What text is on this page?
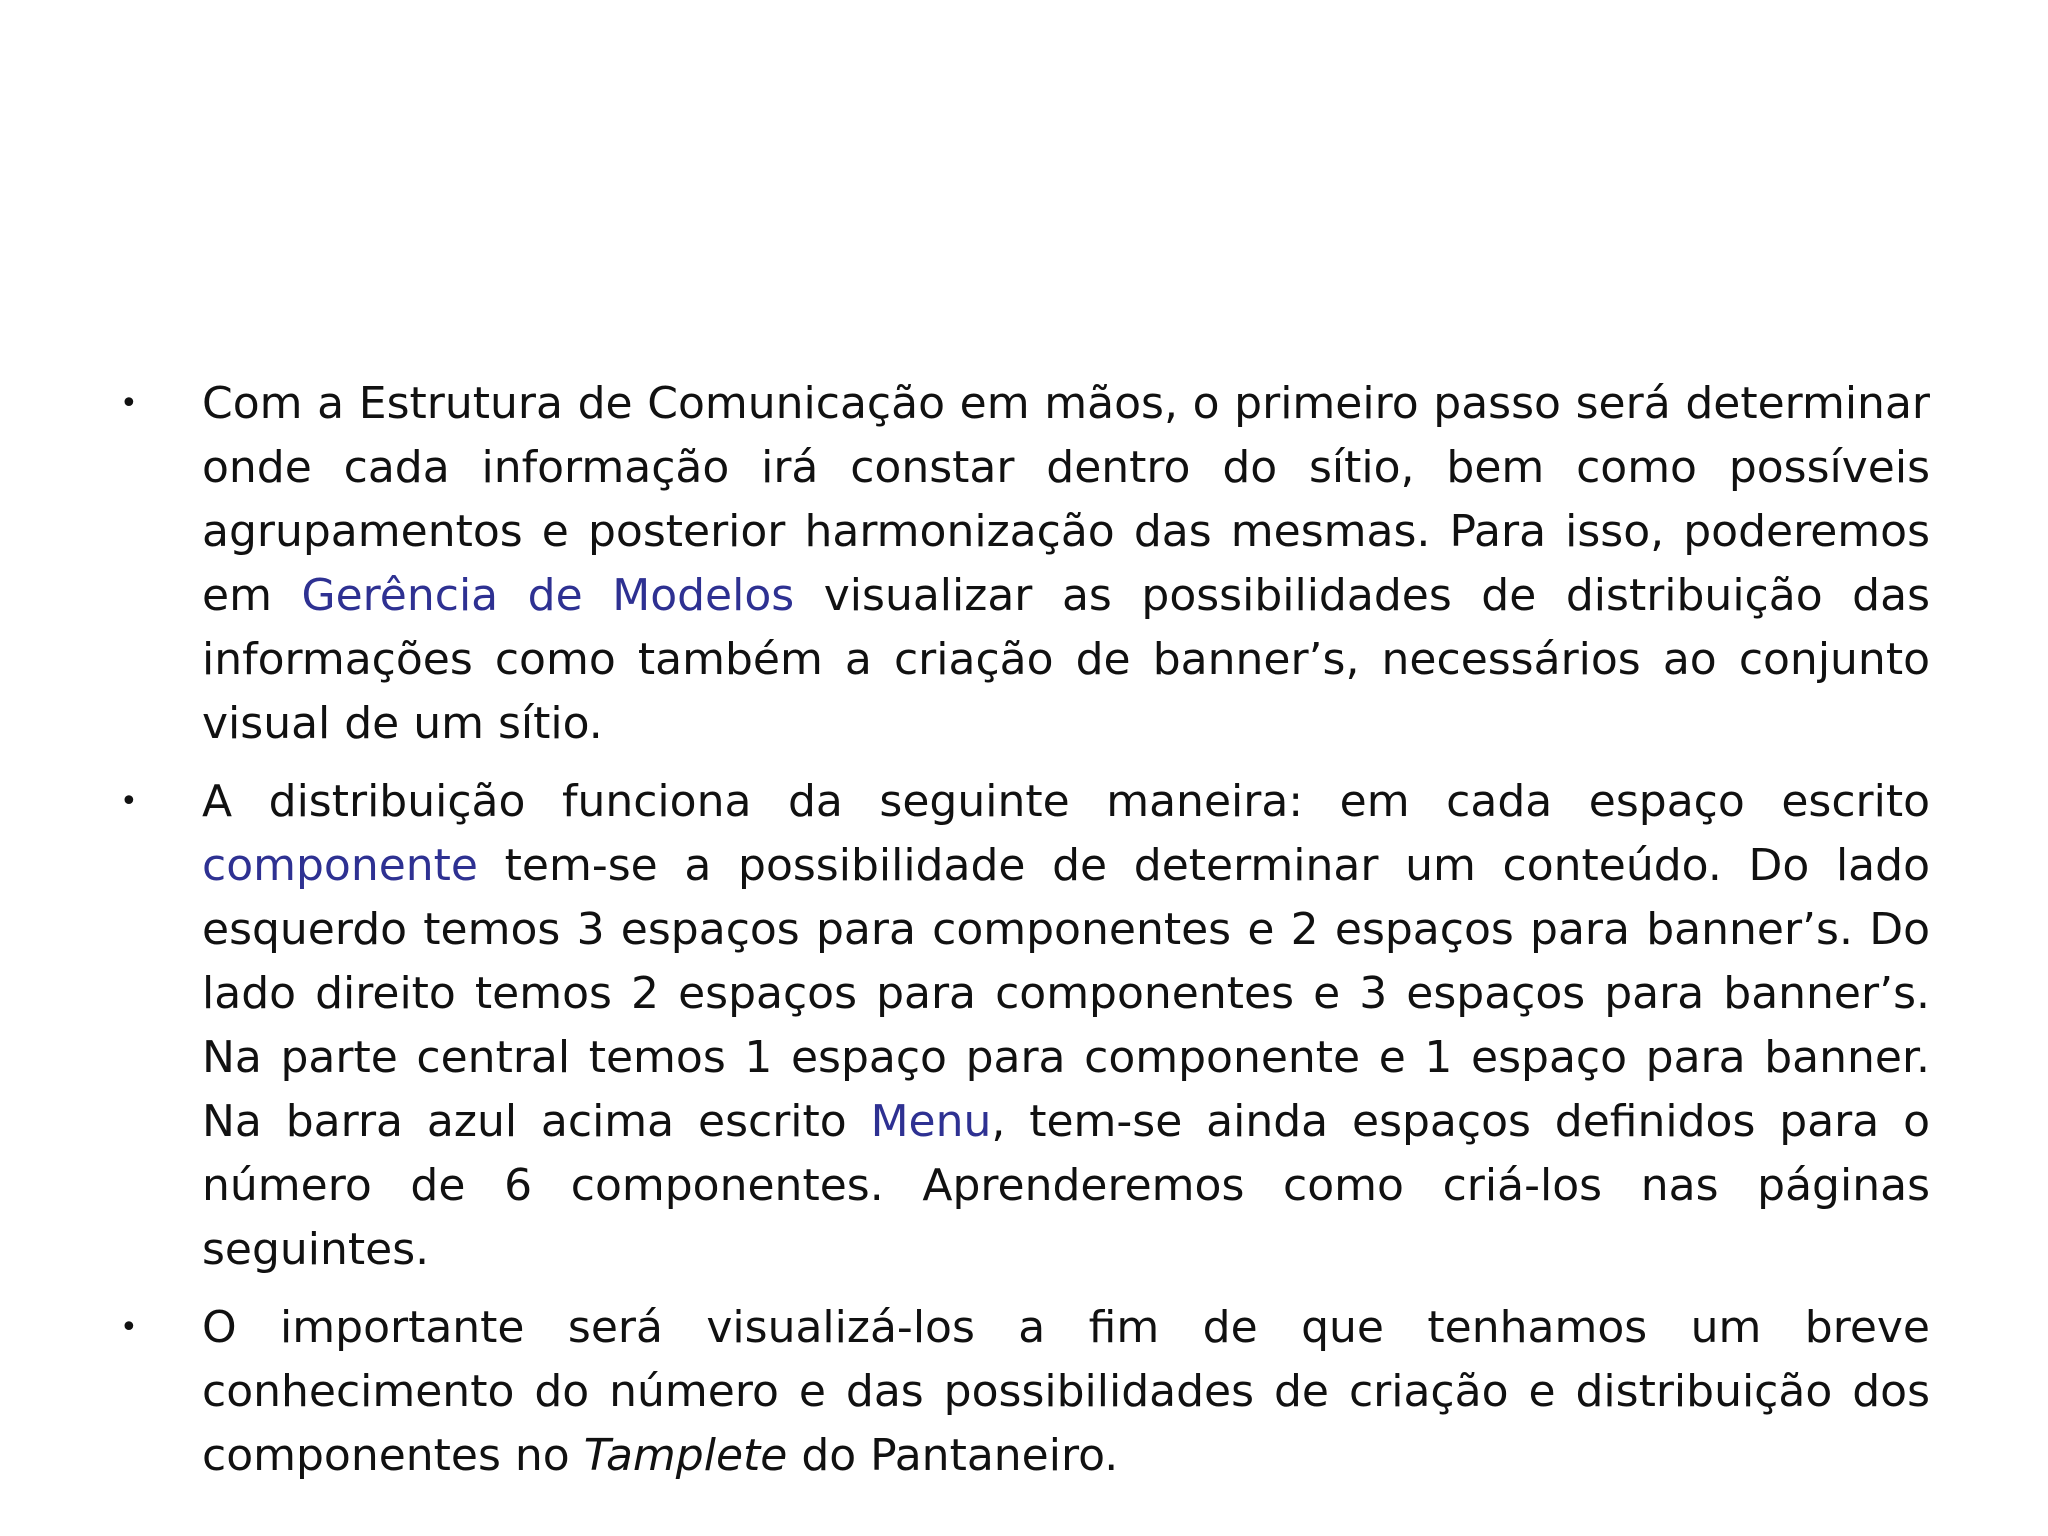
• Com a Estrutura de Comunicação em mãos, o primeiro passo será determinar onde cada informação irá constar dentro do sítio, bem como possíveis agrupamentos e posterior harmonização das mesmas. Para isso, poderemos em Gerência de Modelos visualizar as possibilidades de distribuição das informações como também a criação de banner’s, necessários ao conjunto visual de um sítio.

• A distribuição funciona da seguinte maneira: em cada espaço escrito componente tem-se a possibilidade de determinar um conteúdo. Do lado esquerdo temos 3 espaços para componentes e 2 espaços para banner’s. Do lado direito temos 2 espaços para componentes e 3 espaços para banner’s. Na parte central temos 1 espaço para componente e 1 espaço para banner. Na barra azul acima escrito Menu, tem-se ainda espaços definidos para o número de 6 componentes. Aprenderemos como criá-los nas páginas seguintes.

• O importante será visualizá-los a fim de que tenhamos um breve conhecimento do número e das possibilidades de criação e distribuição dos componentes no Tamplete do Pantaneiro.
